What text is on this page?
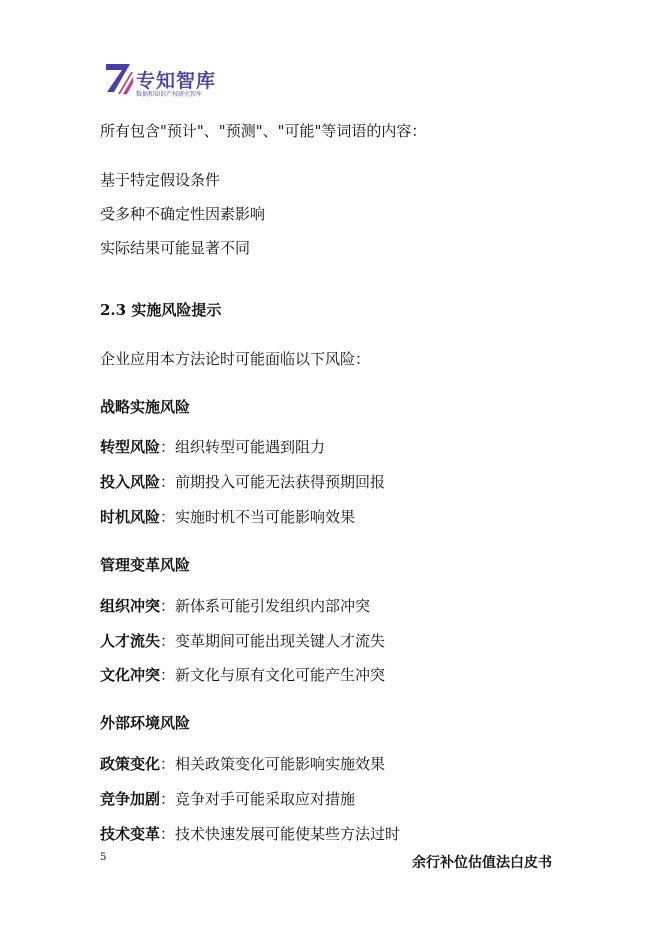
专知智库
数据和知识产权研究智库
所有包含"预计"、"预测"、"可能"等词语的内容：
基于特定假设条件
受多种不确定性因素影响
实际结果可能显著不同
2.3 实施风险提示
企业应用本方法论时可能面临以下风险：
战略实施风险
转型风险：组织转型可能遇到阻力
投入风险：前期投入可能无法获得预期回报
时机风险：实施时机不当可能影响效果
管理变革风险
组织冲突：新体系可能引发组织内部冲突
人才流失：变革期间可能出现关键人才流失
文化冲突：新文化与原有文化可能产生冲突
外部环境风险
政策变化：相关政策变化可能影响实施效果
竞争加剧：竞争对手可能采取应对措施
技术变革：技术快速发展可能使某些方法过时
5	余行补位估值法白皮书
